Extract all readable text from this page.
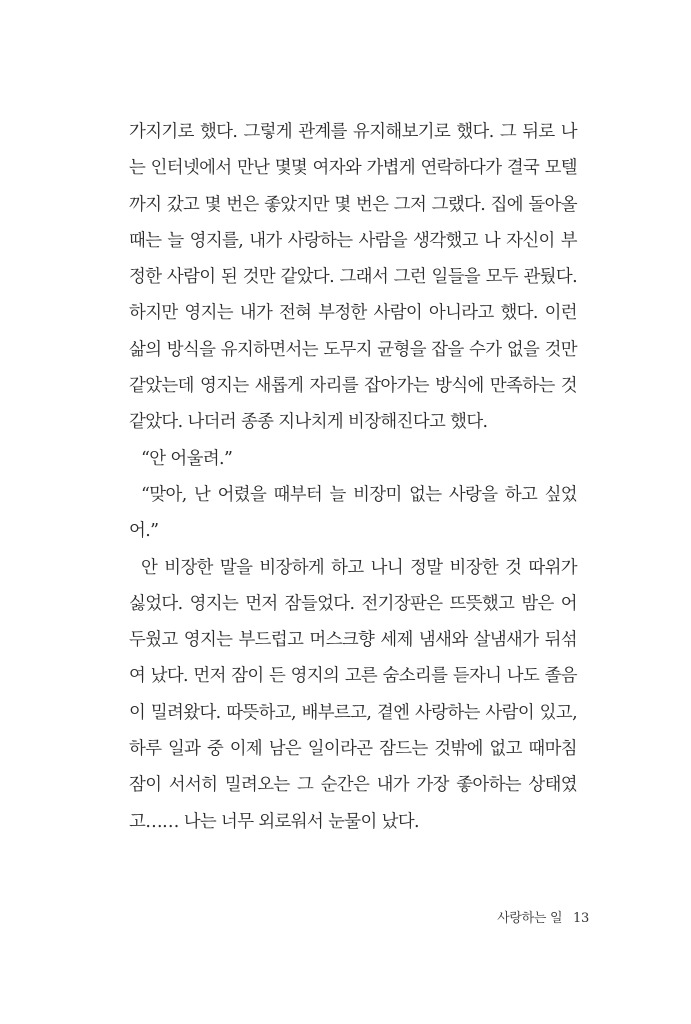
가지기로 했다. 그렇게 관계를 유지해보기로 했다. 그 뒤로 나
는 인터넷에서 만난 몇몇 여자와 가볍게 연락하다가 결국 모텔
까지 갔고 몇 번은 좋았지만 몇 번은 그저 그랬다. 집에 돌아올
때는 늘 영지를, 내가 사랑하는 사람을 생각했고 나 자신이 부
정한 사람이 된 것만 같았다. 그래서 그런 일들을 모두 관뒀다.
하지만 영지는 내가 전혀 부정한 사람이 아니라고 했다. 이런
삶의 방식을 유지하면서는 도무지 균형을 잡을 수가 없을 것만
같았는데 영지는 새롭게 자리를 잡아가는 방식에 만족하는 것
같았다. 나더러 종종 지나치게 비장해진다고 했다.

“안 어울려.”

“맞아, 난 어렸을 때부터 늘 비장미 없는 사랑을 하고 싶었
어.”

안 비장한 말을 비장하게 하고 나니 정말 비장한 것 따위가
싫었다. 영지는 먼저 잠들었다. 전기장판은 뜨뜻했고 밤은 어
두웠고 영지는 부드럽고 머스크향 세제 냄새와 살냄새가 뒤섞
여 났다. 먼저 잠이 든 영지의 고른 숨소리를 듣자니 나도 졸음
이 밀려왔다. 따뜻하고, 배부르고, 곁엔 사랑하는 사람이 있고,
하루 일과 중 이제 남은 일이라곤 잠드는 것밖에 없고 때마침
잠이 서서히 밀려오는 그 순간은 내가 가장 좋아하는 상태였
고…… 나는 너무 외로워서 눈물이 났다.

사랑하는 일 13
